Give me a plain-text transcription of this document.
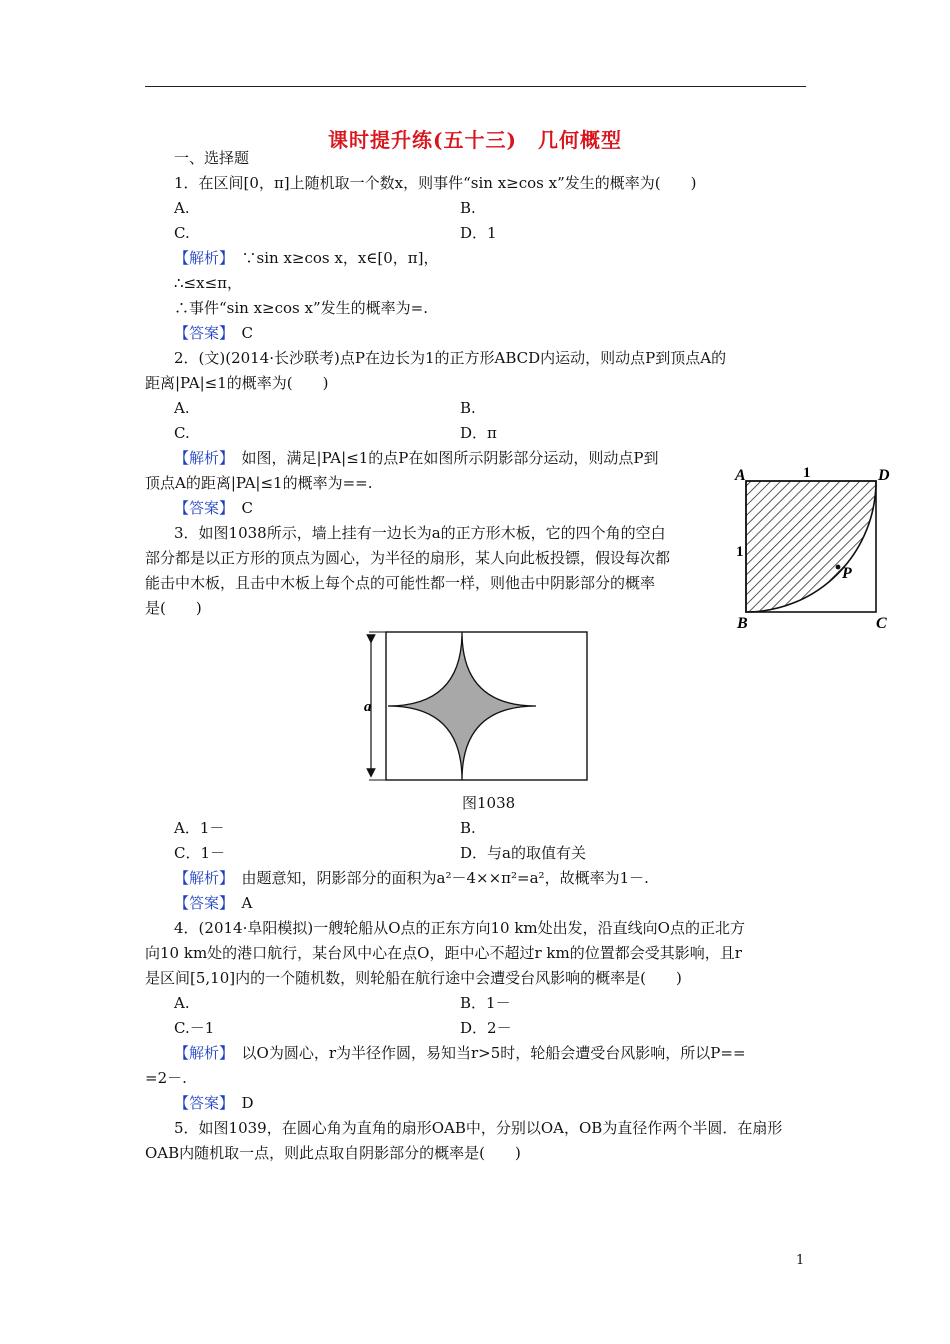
课时提升练(五十三)　几何概型
一、选择题
1．在区间[0，π]上随机取一个数x，则事件“sin x≥cos x”发生的概率为(　　)
A.	B.
C.	D．1
【解析】　 ∵sin x≥cos x，x∈[0，π]，
∴≤x≤π，
∴事件“sin x≥cos x”发生的概率为=.
【答案】　 C
2．(文)(2014·长沙联考)点P在边长为1的正方形ABCD内运动，则动点P到顶点A的
距离|PA|≤1的概率为(　　)
A.	B.
C.	D．π
【解析】　 如图，满足|PA|≤1的点P在如图所示阴影部分运动，则动点P到
顶点A的距离|PA|≤1的概率为==.
【答案】　 C
A	D
B	C
P
1
1
3．如图1038所示，墙上挂有一边长为a的正方形木板，它的四个角的空白
部分都是以正方形的顶点为圆心，为半径的扇形，某人向此板投镖，假设每次都
能击中木板，且击中木板上每个点的可能性都一样，则他击中阴影部分的概率
是(　　)
a
图1038
A．1－	B.
C．1－	D．与a的取值有关
【解析】　 由题意知，阴影部分的面积为a²－4××π²=a²，故概率为1－.
【答案】　 A
4．(2014·阜阳模拟)一艘轮船从O点的正东方向10 km处出发，沿直线向O点的正北方
向10 km处的港口航行，某台风中心在点O，距中心不超过r km的位置都会受其影响，且r
是区间[5,10]内的一个随机数，则轮船在航行途中会遭受台风影响的概率是(　　)
A.	B．1－
C.－1	D．2－
【解析】　 以O为圆心，r为半径作圆，易知当r>5时，轮船会遭受台风影响，所以P==
=2－.
【答案】　 D
5．如图1039，在圆心角为直角的扇形OAB中，分别以OA，OB为直径作两个半圆．在扇形
OAB内随机取一点，则此点取自阴影部分的概率是(　　)
1
